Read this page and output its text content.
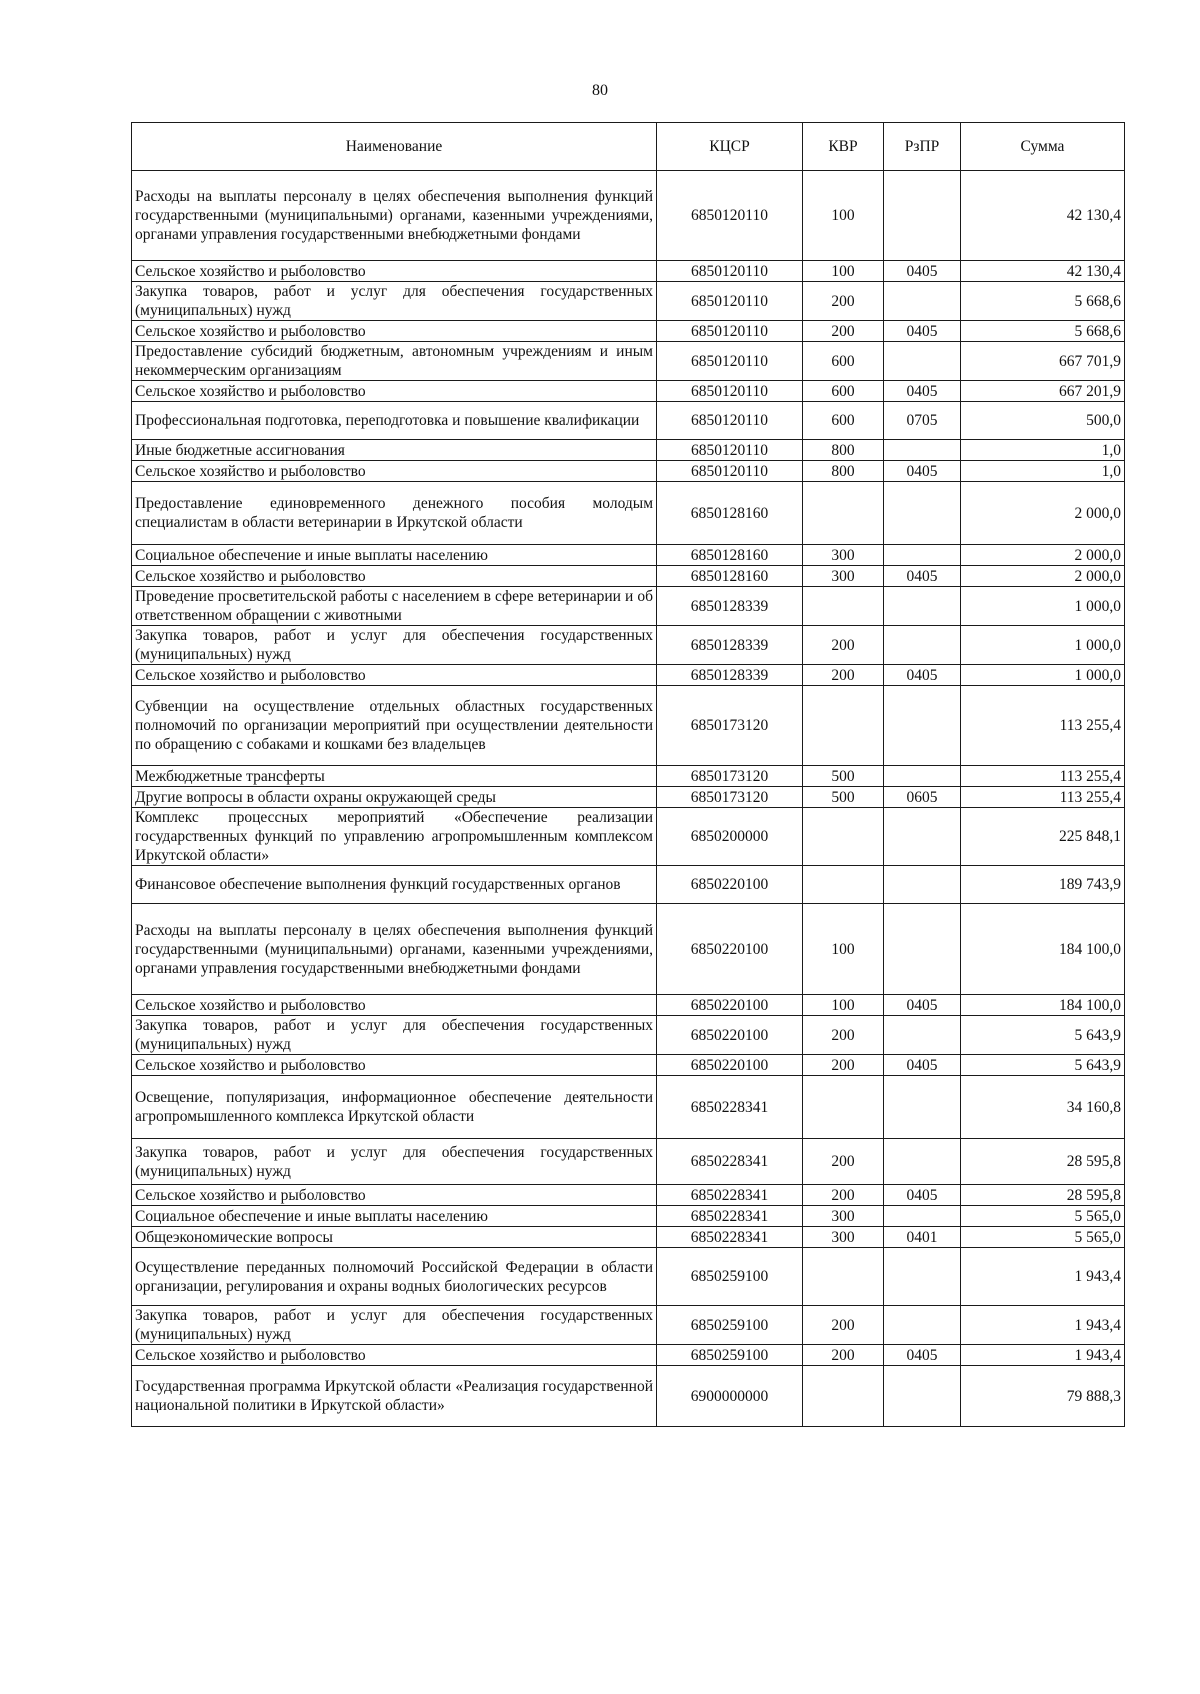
80
Наименование	КЦСР	КВР	РзПР	Сумма
Расходы на выплаты персоналу в целях обеспечения выполнения функций государственными (муниципальными) органами, казенными учреждениями, органами управления государственными внебюджетными фондами	6850120110	100		42 130,4
Сельское хозяйство и рыболовство	6850120110	100	0405	42 130,4
Закупка товаров, работ и услуг для обеспечения государственных (муниципальных) нужд	6850120110	200		5 668,6
Сельское хозяйство и рыболовство	6850120110	200	0405	5 668,6
Предоставление субсидий бюджетным, автономным учреждениям и иным некоммерческим организациям	6850120110	600		667 701,9
Сельское хозяйство и рыболовство	6850120110	600	0405	667 201,9
Профессиональная подготовка, переподготовка и повышение квалификации	6850120110	600	0705	500,0
Иные бюджетные ассигнования	6850120110	800		1,0
Сельское хозяйство и рыболовство	6850120110	800	0405	1,0
Предоставление единовременного денежного пособия молодым специалистам в области ветеринарии в Иркутской области	6850128160			2 000,0
Социальное обеспечение и иные выплаты населению	6850128160	300		2 000,0
Сельское хозяйство и рыболовство	6850128160	300	0405	2 000,0
Проведение просветительской работы с населением в сфере ветеринарии и об ответственном обращении с животными	6850128339			1 000,0
Закупка товаров, работ и услуг для обеспечения государственных (муниципальных) нужд	6850128339	200		1 000,0
Сельское хозяйство и рыболовство	6850128339	200	0405	1 000,0
Субвенции на осуществление отдельных областных государственных полномочий по организации мероприятий при осуществлении деятельности по обращению с собаками и кошками без владельцев	6850173120			113 255,4
Межбюджетные трансферты	6850173120	500		113 255,4
Другие вопросы в области охраны окружающей среды	6850173120	500	0605	113 255,4
Комплекс процессных мероприятий «Обеспечение реализации государственных функций по управлению агропромышленным комплексом Иркутской области»	6850200000			225 848,1
Финансовое обеспечение выполнения функций государственных органов	6850220100			189 743,9
Расходы на выплаты персоналу в целях обеспечения выполнения функций государственными (муниципальными) органами, казенными учреждениями, органами управления государственными внебюджетными фондами	6850220100	100		184 100,0
Сельское хозяйство и рыболовство	6850220100	100	0405	184 100,0
Закупка товаров, работ и услуг для обеспечения государственных (муниципальных) нужд	6850220100	200		5 643,9
Сельское хозяйство и рыболовство	6850220100	200	0405	5 643,9
Освещение, популяризация, информационное обеспечение деятельности агропромышленного комплекса Иркутской области	6850228341			34 160,8
Закупка товаров, работ и услуг для обеспечения государственных (муниципальных) нужд	6850228341	200		28 595,8
Сельское хозяйство и рыболовство	6850228341	200	0405	28 595,8
Социальное обеспечение и иные выплаты населению	6850228341	300		5 565,0
Общеэкономические вопросы	6850228341	300	0401	5 565,0
Осуществление переданных полномочий Российской Федерации в области организации, регулирования и охраны водных биологических ресурсов	6850259100			1 943,4
Закупка товаров, работ и услуг для обеспечения государственных (муниципальных) нужд	6850259100	200		1 943,4
Сельское хозяйство и рыболовство	6850259100	200	0405	1 943,4
Государственная программа Иркутской области «Реализация государственной национальной политики в Иркутской области»	6900000000			79 888,3
